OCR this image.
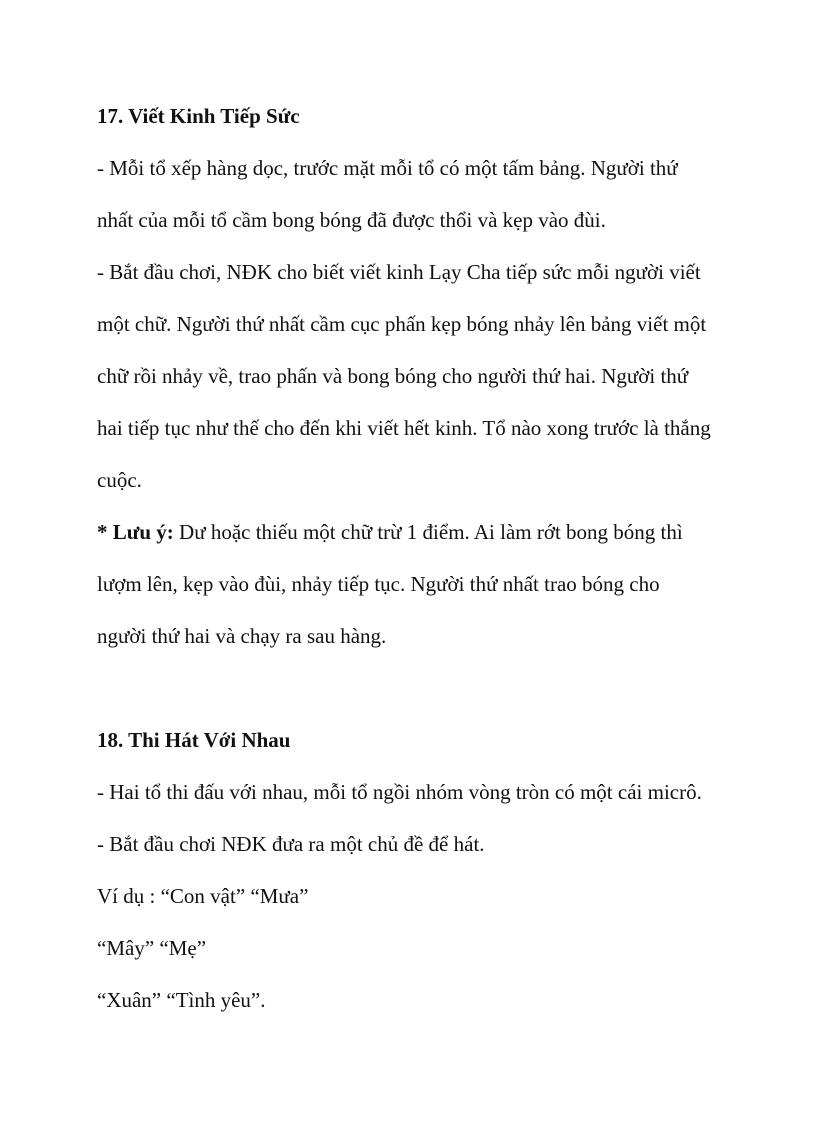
17. Viết Kinh Tiếp Sức
- Mỗi tổ xếp hàng dọc, trước mặt mỗi tổ có một tấm bảng. Người thứ
nhất của mỗi tổ cầm bong bóng đã được thổi và kẹp vào đùi.
- Bắt đầu chơi, NĐK cho biết viết kinh Lạy Cha tiếp sức mỗi người viết
một chữ. Người thứ nhất cầm cục phấn kẹp bóng nhảy lên bảng viết một
chữ rồi nhảy về, trao phấn và bong bóng cho người thứ hai. Người thứ
hai tiếp tục như thế cho đến khi viết hết kinh. Tổ nào xong trước là thắng
cuộc.
* Lưu ý: Dư hoặc thiếu một chữ trừ 1 điểm. Ai làm rớt bong bóng thì
lượm lên, kẹp vào đùi, nhảy tiếp tục. Người thứ nhất trao bóng cho
người thứ hai và chạy ra sau hàng.
18. Thi Hát Với Nhau
- Hai tổ thi đấu với nhau, mỗi tổ ngồi nhóm vòng tròn có một cái micrô.
- Bắt đầu chơi NĐK đưa ra một chủ đề để hát.
Ví dụ : “Con vật” “Mưa”
“Mây” “Mẹ”
“Xuân” “Tình yêu”.
